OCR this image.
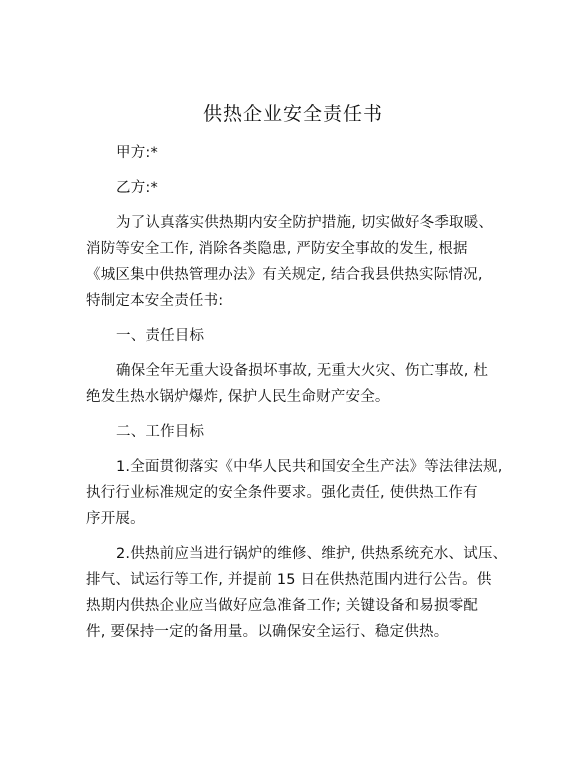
供热企业安全责任书
甲方:*
乙方:*
为了认真落实供热期内安全防护措施, 切实做好冬季取暖、
消防等安全工作, 消除各类隐患, 严防安全事故的发生, 根据
《城区集中供热管理办法》有关规定, 结合我县供热实际情况,
特制定本安全责任书:
一、责任目标
确保全年无重大设备损坏事故, 无重大火灾、伤亡事故, 杜
绝发生热水锅炉爆炸, 保护人民生命财产安全。
二、工作目标
1.全面贯彻落实《中华人民共和国安全生产法》等法律法规,
执行行业标准规定的安全条件要求。强化责任, 使供热工作有
序开展。
2.供热前应当进行锅炉的维修、维护, 供热系统充水、试压、
排气、试运行等工作, 并提前 15 日在供热范围内进行公告。供
热期内供热企业应当做好应急准备工作; 关键设备和易损零配
件, 要保持一定的备用量。以确保安全运行、稳定供热。
